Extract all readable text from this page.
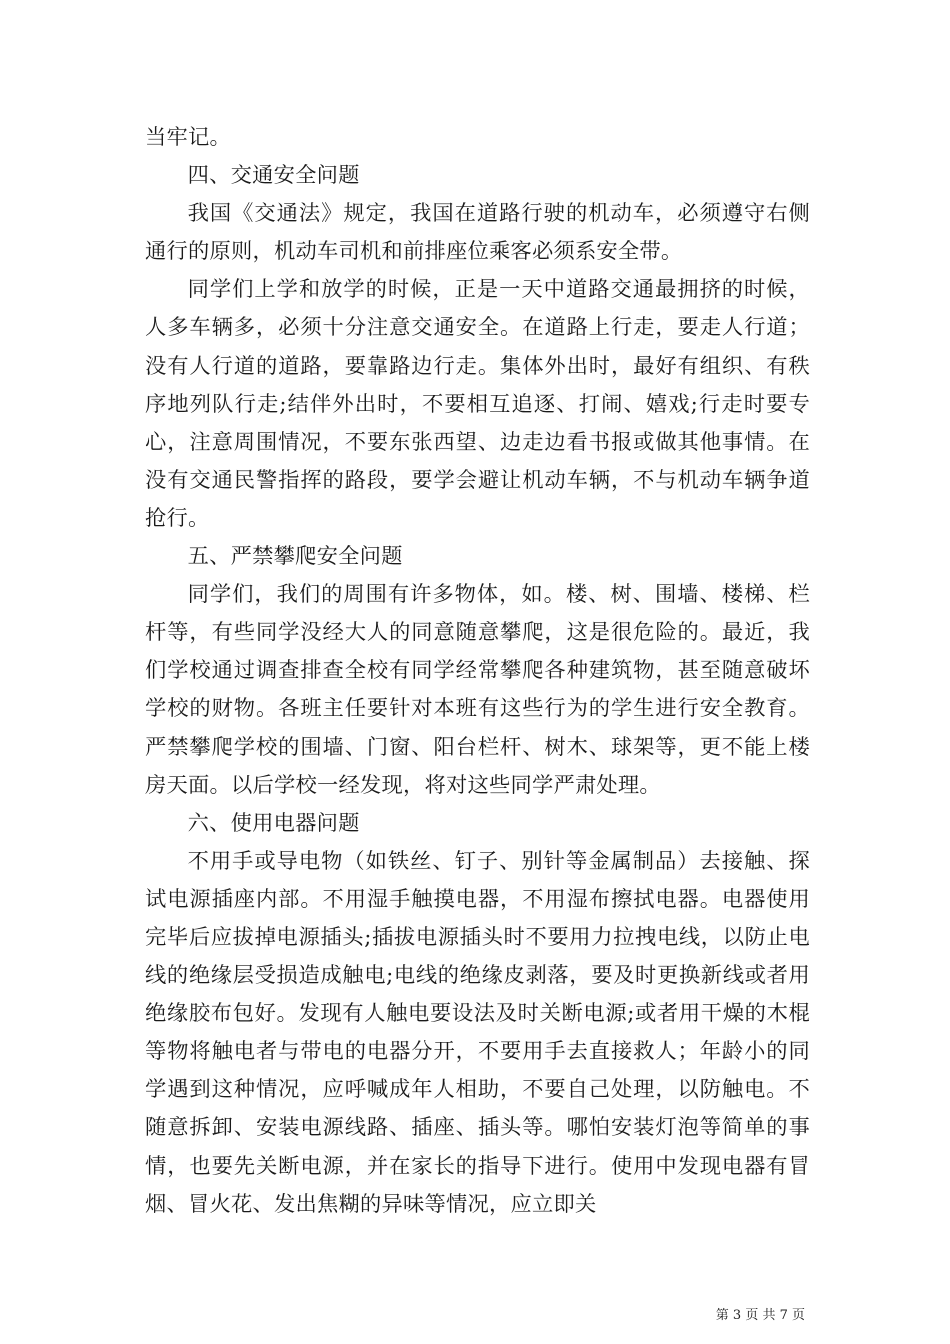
当牢记。

四、交通安全问题

我国《交通法》规定，我国在道路行驶的机动车，必须遵守右侧通行的原则，机动车司机和前排座位乘客必须系安全带。

同学们上学和放学的时候，正是一天中道路交通最拥挤的时候，人多车辆多，必须十分注意交通安全。在道路上行走，要走人行道；没有人行道的道路，要靠路边行走。集体外出时，最好有组织、有秩序地列队行走;结伴外出时，不要相互追逐、打闹、嬉戏;行走时要专心，注意周围情况，不要东张西望、边走边看书报或做其他事情。在没有交通民警指挥的路段，要学会避让机动车辆，不与机动车辆争道抢行。

五、严禁攀爬安全问题

同学们，我们的周围有许多物体，如。楼、树、围墙、楼梯、栏杆等，有些同学没经大人的同意随意攀爬，这是很危险的。最近，我们学校通过调查排查全校有同学经常攀爬各种建筑物，甚至随意破坏学校的财物。各班主任要针对本班有这些行为的学生进行安全教育。严禁攀爬学校的围墙、门窗、阳台栏杆、树木、球架等，更不能上楼房天面。以后学校一经发现，将对这些同学严肃处理。

六、使用电器问题

不用手或导电物（如铁丝、钉子、别针等金属制品）去接触、探试电源插座内部。不用湿手触摸电器，不用湿布擦拭电器。电器使用完毕后应拔掉电源插头;插拔电源插头时不要用力拉拽电线，以防止电线的绝缘层受损造成触电;电线的绝缘皮剥落，要及时更换新线或者用绝缘胶布包好。发现有人触电要设法及时关断电源;或者用干燥的木棍等物将触电者与带电的电器分开，不要用手去直接救人；年龄小的同学遇到这种情况，应呼喊成年人相助，不要自己处理，以防触电。不随意拆卸、安装电源线路、插座、插头等。哪怕安装灯泡等简单的事情，也要先关断电源，并在家长的指导下进行。使用中发现电器有冒烟、冒火花、发出焦糊的异味等情况，应立即关

第 3 页 共 7 页
